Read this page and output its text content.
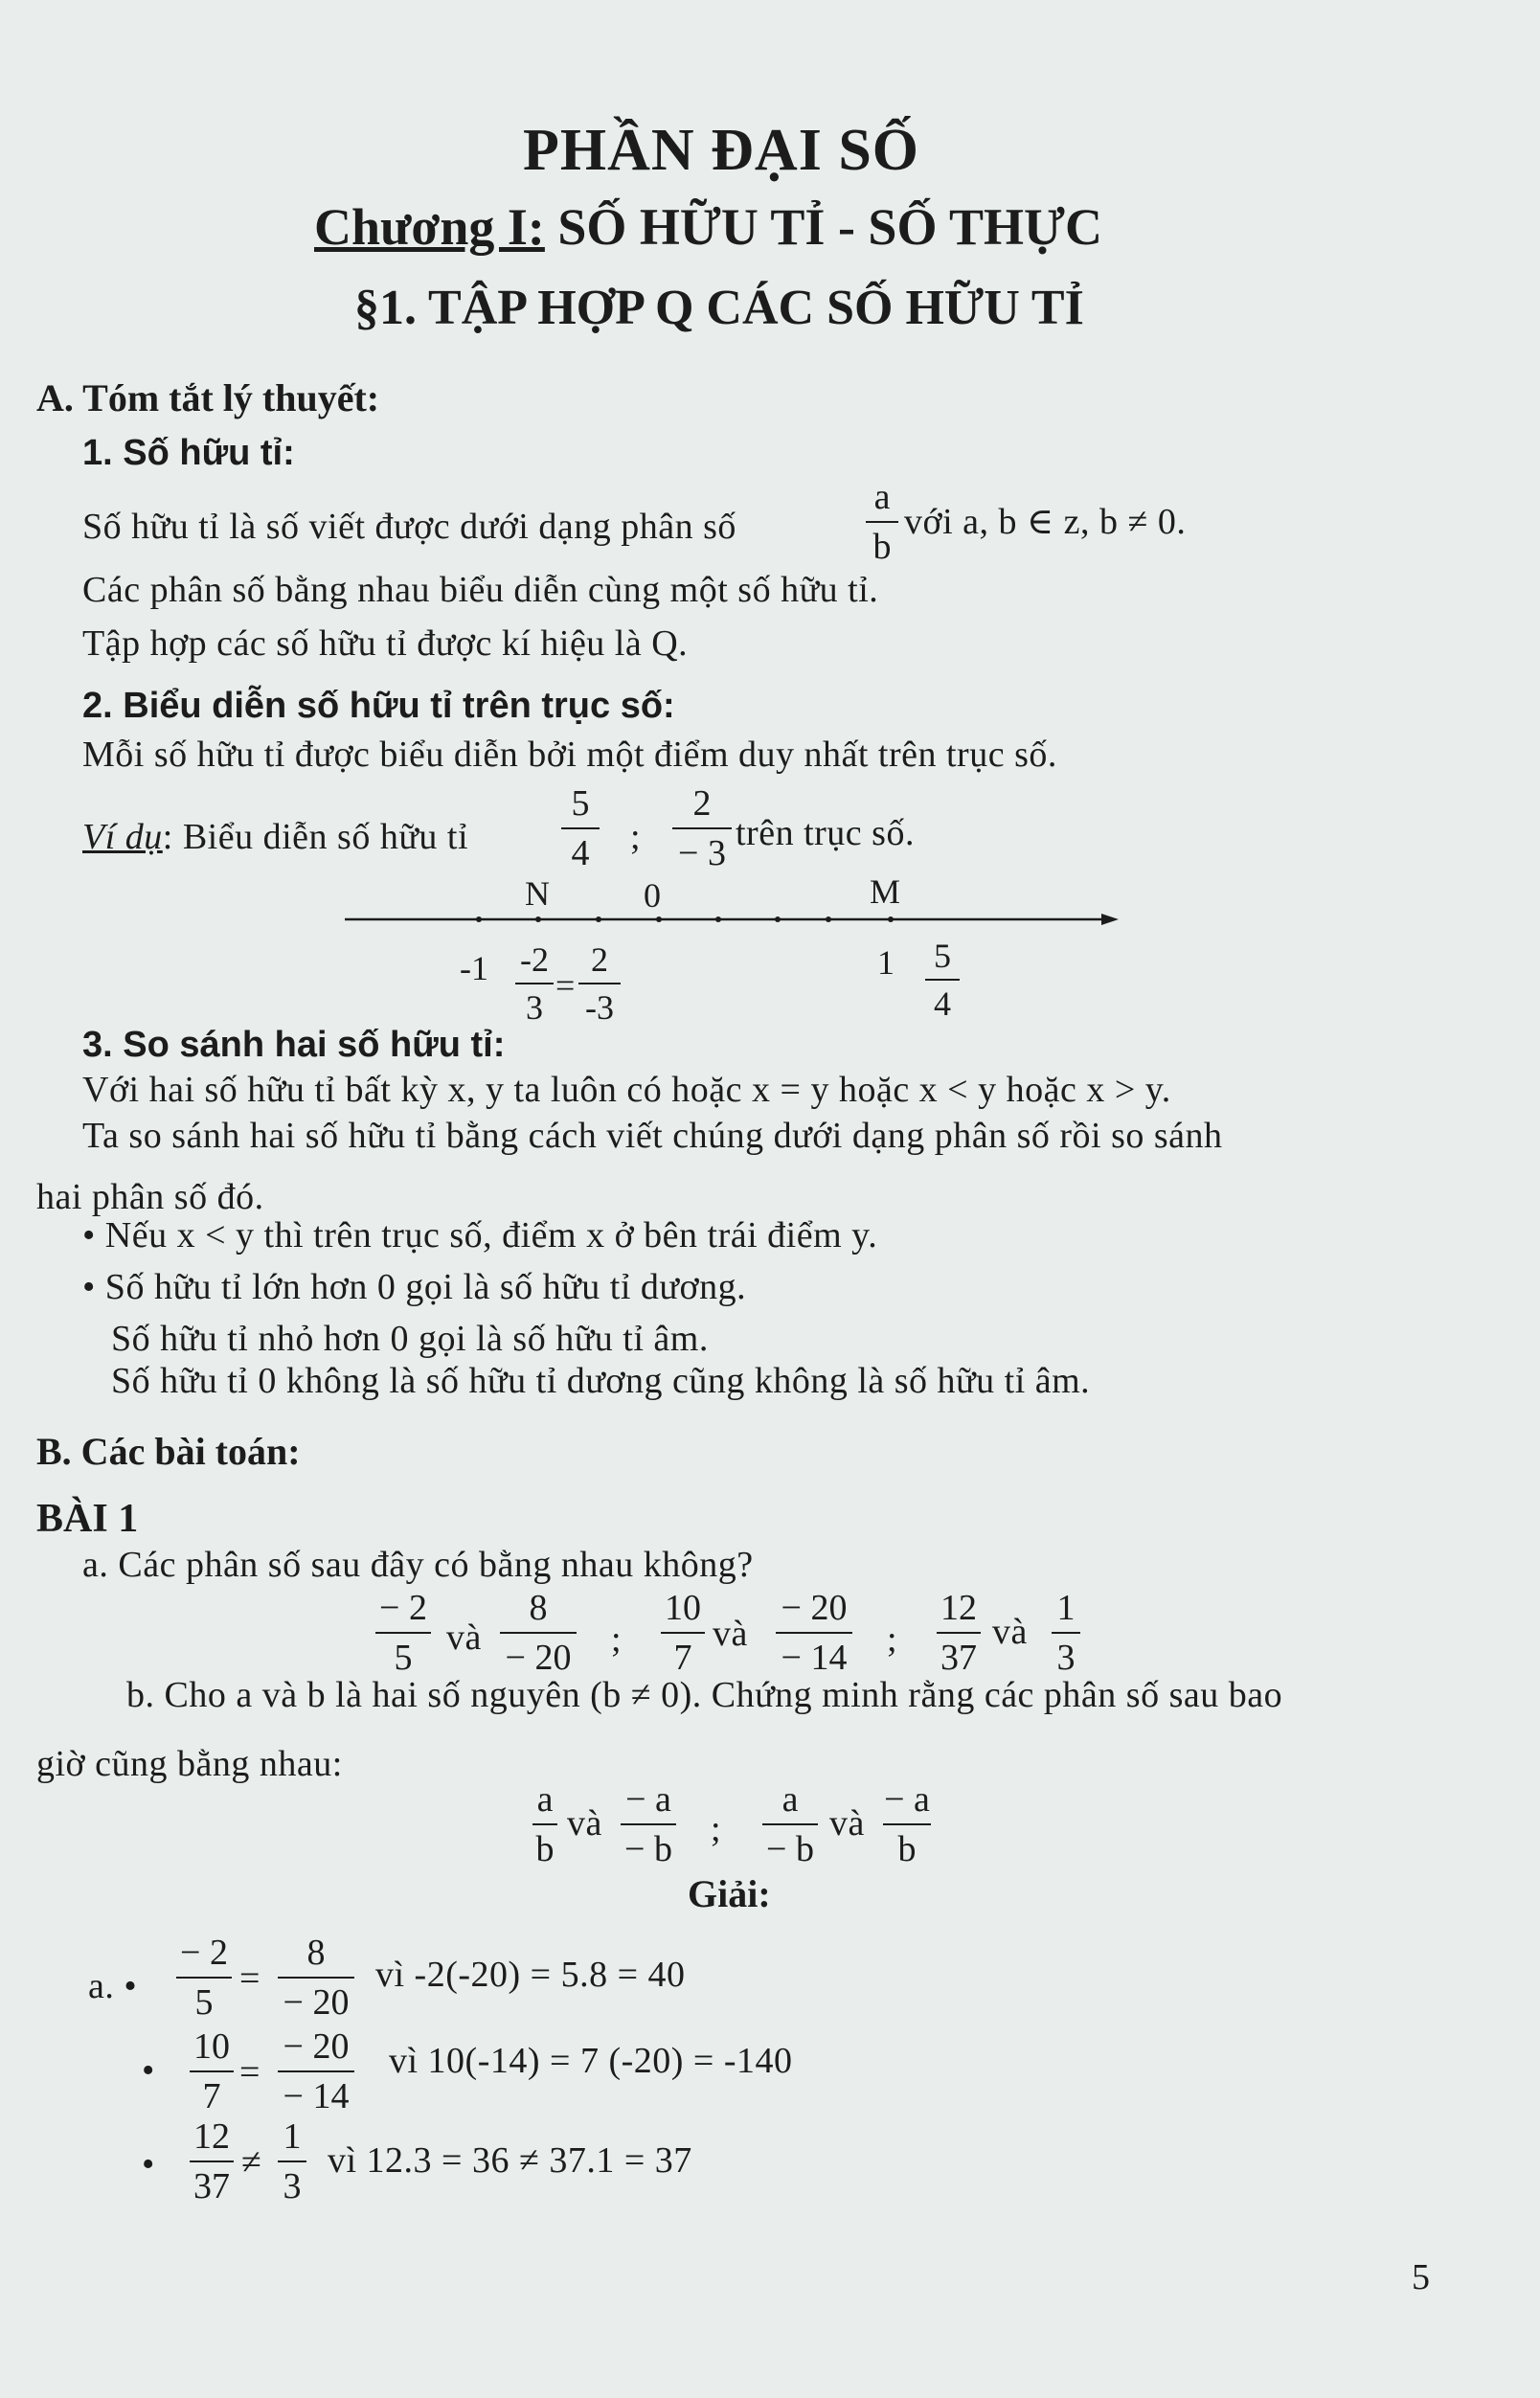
PHẦN ĐẠI SỐ
Chương I: SỐ HỮU TỈ - SỐ THỰC
§1. TẬP HỢP Q CÁC SỐ HỮU TỈ
A. Tóm tắt lý thuyết:
1. Số hữu tỉ:
Số hữu tỉ là số viết được dưới dạng phân số
a
b
với a, b ∈ z, b ≠ 0.
Các phân số bằng nhau biểu diễn cùng một số hữu tỉ.
Tập hợp các số hữu tỉ được kí hiệu là Q.
2. Biểu diễn số hữu tỉ trên trục số:
Mỗi số hữu tỉ được biểu diễn bởi một điểm duy nhất trên trục số.
Ví dụ: Biểu diễn số hữu tỉ
5
4 ;
2
− 3 trên trục số.
N	0	M
-1 -2
3
=
2
-3
1 5
4
3. So sánh hai số hữu tỉ:
Với hai số hữu tỉ bất kỳ x, y ta luôn có hoặc x = y hoặc x < y hoặc x > y.
Ta so sánh hai số hữu tỉ bằng cách viết chúng dưới dạng phân số rồi so sánh
hai phân số đó.
• Nếu x < y thì trên trục số, điểm x ở bên trái điểm y.
• Số hữu tỉ lớn hơn 0 gọi là số hữu tỉ dương.
Số hữu tỉ nhỏ hơn 0 gọi là số hữu tỉ âm.
Số hữu tỉ 0 không là số hữu tỉ dương cũng không là số hữu tỉ âm.
B. Các bài toán:
BÀI 1
a. Các phân số sau đây có bằng nhau không?
− 2
5 và
8
− 20 ;
10
7
và
− 20
− 14 ;
12
37
và
1
3
b. Cho a và b là hai số nguyên (b ≠ 0). Chứng minh rằng các phân số sau bao
giờ cũng bằng nhau:
a
b
và
− a
− b ;
a
− b
và
− a
b
Giải:
a. •
− 2
5
=
8
− 20
vì -2(-20) = 5.8 = 40
•
10
7
=
− 20
− 14
vì 10(-14) = 7 (-20) = -140
•
12
37
≠
1
3
vì 12.3 = 36 ≠ 37.1 = 37
5
